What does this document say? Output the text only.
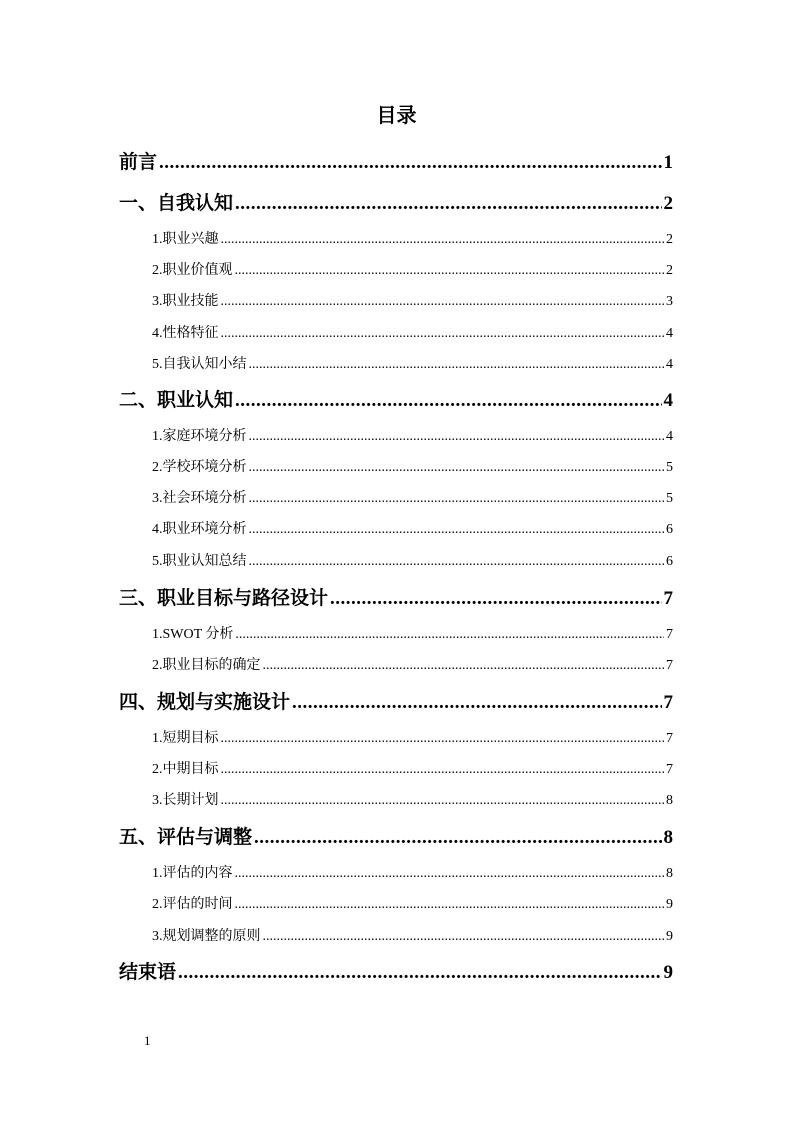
目录
前言 .....	1
一、自我认知 .....	2
1.职业兴趣 .....	2
2.职业价值观 .....	2
3.职业技能 .....	3
4.性格特征 .....	4
5.自我认知小结 .....	4
二、职业认知 .....	4
1.家庭环境分析 .....	4
2.学校环境分析 .....	5
3.社会环境分析 .....	5
4.职业环境分析 .....	6
5.职业认知总结 .....	6
三、职业目标与路径设计 .....	7
1.SWOT 分析 .....	7
2.职业目标的确定 .....	7
四、规划与实施设计 .....	7
1.短期目标 .....	7
2.中期目标 .....	7
3.长期计划 .....	8
五、评估与调整 .....	8
1.评估的内容 .....	8
2.评估的时间 .....	9
3.规划调整的原则 .....	9
结束语 .....	9
1
